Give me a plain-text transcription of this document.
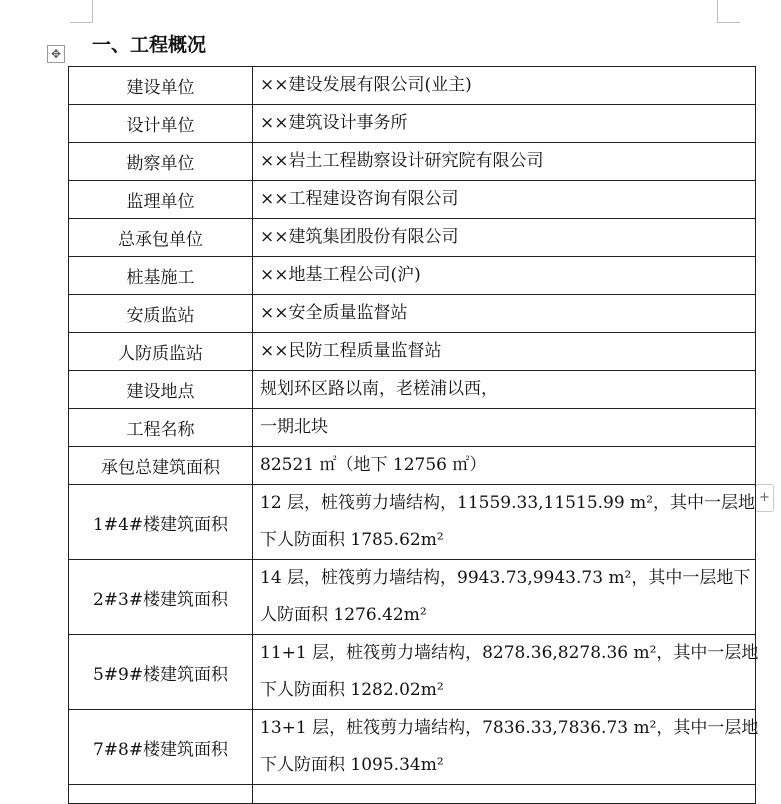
✥
+
一、工程概况
建设单位	××建设发展有限公司(业主)

设计单位	××建筑设计事务所

勘察单位	××岩土工程勘察设计研究院有限公司

监理单位	××工程建设咨询有限公司

总承包单位	××建筑集团股份有限公司

桩基施工	××地基工程公司(沪)

安质监站	××安全质量监督站

人防质监站	××民防工程质量监督站

建设地点	规划环区路以南，老槎浦以西，

工程名称	一期北块

承包总建筑面积	82521 ㎡（地下 12756 ㎡）

1#4#楼建筑面积	12 层，桩筏剪力墙结构，11559.33,11515.99 m²，其中一层地
下人防面积 1785.62m²

2#3#楼建筑面积	14 层，桩筏剪力墙结构，9943.73,9943.73 m²，其中一层地下
人防面积 1276.42m²

5#9#楼建筑面积	11+1 层，桩筏剪力墙结构，8278.36,8278.36 m²，其中一层地
下人防面积 1282.02m²

7#8#楼建筑面积	13+1 层，桩筏剪力墙结构，7836.33,7836.73 m²，其中一层地
下人防面积 1095.34m²
